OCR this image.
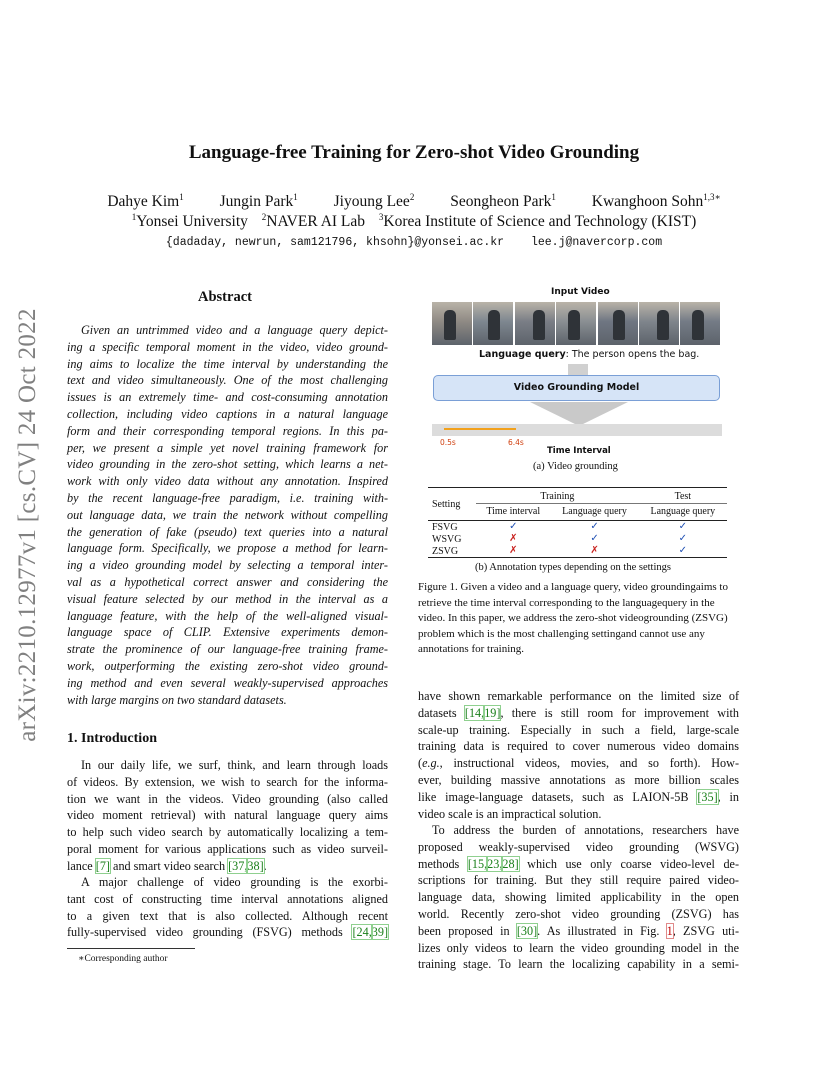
arXiv:2210.12977v1 [cs.CV] 24 Oct 2022
Language-free Training for Zero-shot Video Grounding
Dahye Kim$^1$ Jungin Park$^1$ Jiyoung Lee$^2$ Seongheon Park$^1$ Kwanghoon Sohn$^{1,3∗}$
$^1$Yonsei University $^2$NAVER AI Lab $^3$Korea Institute of Science and Technology (KIST)
{dadaday, newrun, sam121796, khsohn}@yonsei.ac.kr lee.j@navercorp.com
Abstract
Given an untrimmed video and a language query depict-
ing a specific temporal moment in the video, video ground-
ing aims to localize the time interval by understanding the
text and video simultaneously. One of the most challenging
issues is an extremely time- and cost-consuming annotation
collection, including video captions in a natural language
form and their corresponding temporal regions. In this pa-
per, we present a simple yet novel training framework for
video grounding in the zero-shot setting, which learns a net-
work with only video data without any annotation. Inspired
by the recent language-free paradigm, i.e. training with-
out language data, we train the network without compelling
the generation of fake (pseudo) text queries into a natural
language form. Specifically, we propose a method for learn-
ing a video grounding model by selecting a temporal inter-
val as a hypothetical correct answer and considering the
visual feature selected by our method in the interval as a
language feature, with the help of the well-aligned visual-
language space of CLIP. Extensive experiments demon-
strate the prominence of our language-free training frame-
work, outperforming the existing zero-shot video ground-
ing method and even several weakly-supervised approaches
with large margins on two standard datasets.
1. Introduction
In our daily life, we surf, think, and learn through loads
of videos. By extension, we wish to search for the informa-
tion we want in the videos. Video grounding (also called
video moment retrieval) with natural language query aims
to help such video search by automatically localizing a tem-
poral moment for various applications such as video surveil-
lance [7] and smart video search [37,38].
A major challenge of video grounding is the exorbi-
tant cost of constructing time interval annotations aligned
to a given text that is also collected. Although recent
fully-supervised video grounding (FSVG) methods [24,39]
∗Corresponding author
Input Video
Language query: The person opens the bag.
Video Grounding Model
0.5s	6.4s
Time Interval
(a) Video grounding
Setting	Training		Test
	Time interval	Language query	Language query
FSVG	✓	✓	✓
WSVG	✗	✓	✓
ZSVG	✗	✗	✓
(b) Annotation types depending on the settings
Figure 1. Given a video and a language query, video groundingaims to retrieve the time interval corresponding to the languagequery in the video. In this paper, we address the zero-shot videogrounding (ZSVG) problem which is the most challenging settingand cannot use any annotations for training.
have shown remarkable performance on the limited size of
datasets [14,19], there is still room for improvement with
scale-up training. Especially in such a field, large-scale
training data is required to cover numerous video domains
(e.g., instructional videos, movies, and so forth). How-
ever, building massive annotations as more billion scales
like image-language datasets, such as LAION-5B [35], in
video scale is an impractical solution.
To address the burden of annotations, researchers have
proposed weakly-supervised video grounding (WSVG)
methods [15,23,28] which use only coarse video-level de-
scriptions for training. But they still require paired video-
language data, showing limited applicability in the open
world. Recently zero-shot video grounding (ZSVG) has
been proposed in [30]. As illustrated in Fig. 1, ZSVG uti-
lizes only videos to learn the video grounding model in the
training stage. To learn the localizing capability in a semi-
